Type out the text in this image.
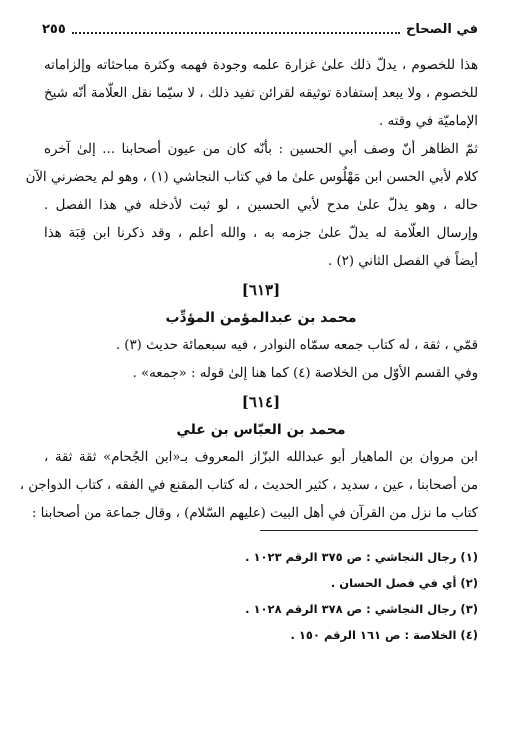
في الصحاح
٢٥٥
هذا للخصوم ، يدلّ ذلك علىٰ غزارة علمه وجودة فهمه وكثرة مباحثاته وإلزاماته
للخصوم ، ولا يبعد إستفادة توثيقه لقرائن تفيد ذلك ، لا سيّما نقل العلّامة أنّه شيخ
الإماميّة في وقته .
ثمّ الظاهر أنّ وصف أبي الحسين : بأنّه كان من عيون أصحابنا ... إلىٰ آخره
كلام لأبي الحسن ابن مَهْلُوس علىٰ ما في كتاب النجاشي (١) ، وهو لم يحضرني الآن
حاله ، وهو يدلّ علىٰ مدح لأبي الحسين ، لو ثبت لأدخله في هذا الفصل .
وإرسال العلّامة له يدلّ علىٰ جزمه به ، والله أعلم ، وقد ذكرنا ابن قِبَة هذا
أيضاً في الفصل الثاني (٢) .
[٦١٣]
محمد بن عبدالمؤمن المؤدِّب
قمّي ، ثقة ، له كتاب جمعه سمّاه النوادر ، فيه سبعمائة حديث (٣) .
وفي القسم الأوّل من الخلاصة (٤) كما هنا إلىٰ قوله : «جمعه» .
[٦١٤]
محمد بن العبّاس بن علي
ابن مروان بن الماهيار أبو عبدالله البزّاز المعروف بـ«ابن الجُحام» ثقة ثقة ،
من أصحابنا ، عين ، سديد ، كثير الحديث ، له كتاب المقنع في الفقه ، كتاب الدواجن ،
كتاب ما نزل من القرآن في أهل البيت (عليهم السّلام) ، وقال جماعة من أصحابنا :
(١) رجال النجاشي : ص ٣٧٥ الرقم ١٠٢٣ .
(٢) أي في فصل الحسان .
(٣) رجال النجاشي : ص ٣٧٨ الرقم ١٠٢٨ .
(٤) الخلاصة : ص ١٦١ الرقم ١٥٠ .
